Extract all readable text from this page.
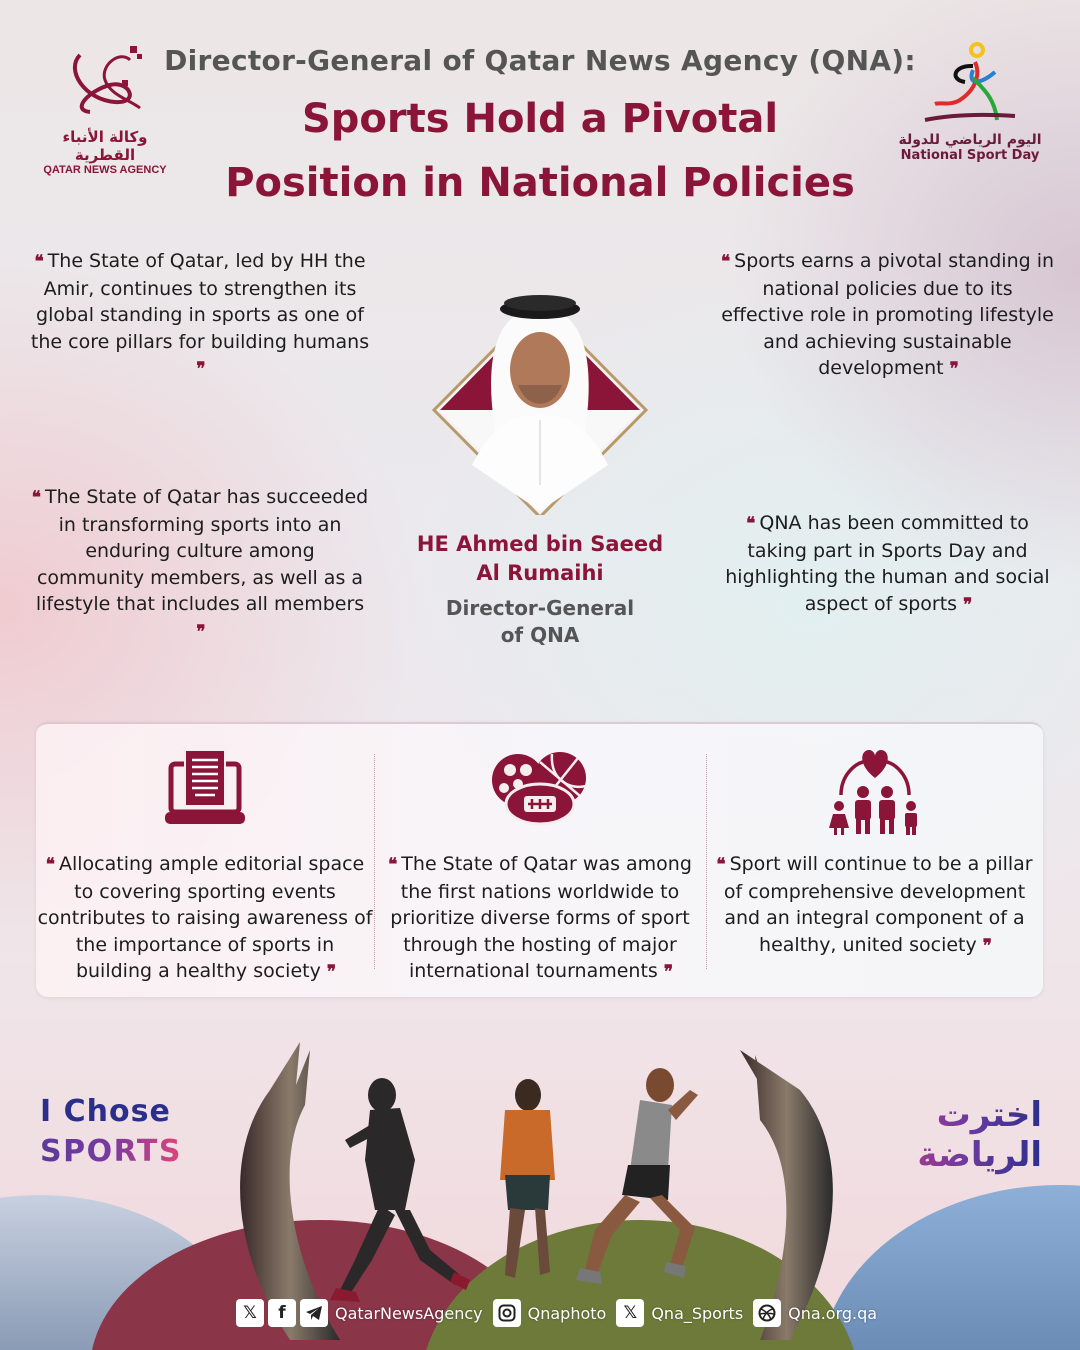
وكالة الأنباء القطرية
QATAR NEWS AGENCY
Director-General of Qatar News Agency (QNA):
Sports Hold a Pivotal
Position in National Policies
اليوم الرياضي للدولة
National Sport Day
❝ The State of Qatar, led by HH the Amir, continues to strengthen its global standing in sports as one of the core pillars for building humans ❞
❝ Sports earns a pivotal standing in national policies due to its effective role in promoting lifestyle and achieving sustainable development ❞
❝ The State of Qatar has succeeded in transforming sports into an enduring culture among community members, as well as a lifestyle that includes all members ❞
❝ QNA has been committed to taking part in Sports Day and highlighting the human and social aspect of sports ❞
HE Ahmed bin Saeed
Al Rumaihi
Director-General
of QNA
❝ Allocating ample editorial space to covering sporting events contributes to raising awareness of the importance of sports in building a healthy society ❞
❝ The State of Qatar was among the first nations worldwide to prioritize diverse forms of sport through the hosting of major international tournaments ❞
❝ Sport will continue to be a pillar of comprehensive development and an integral component of a healthy, united society ❞
I Chose
SPORTS
اخترت
الرياضة
𝕏	f	QatarNewsAgency	Qnaphoto	𝕏 Qna_Sports	Qna.org.qa
